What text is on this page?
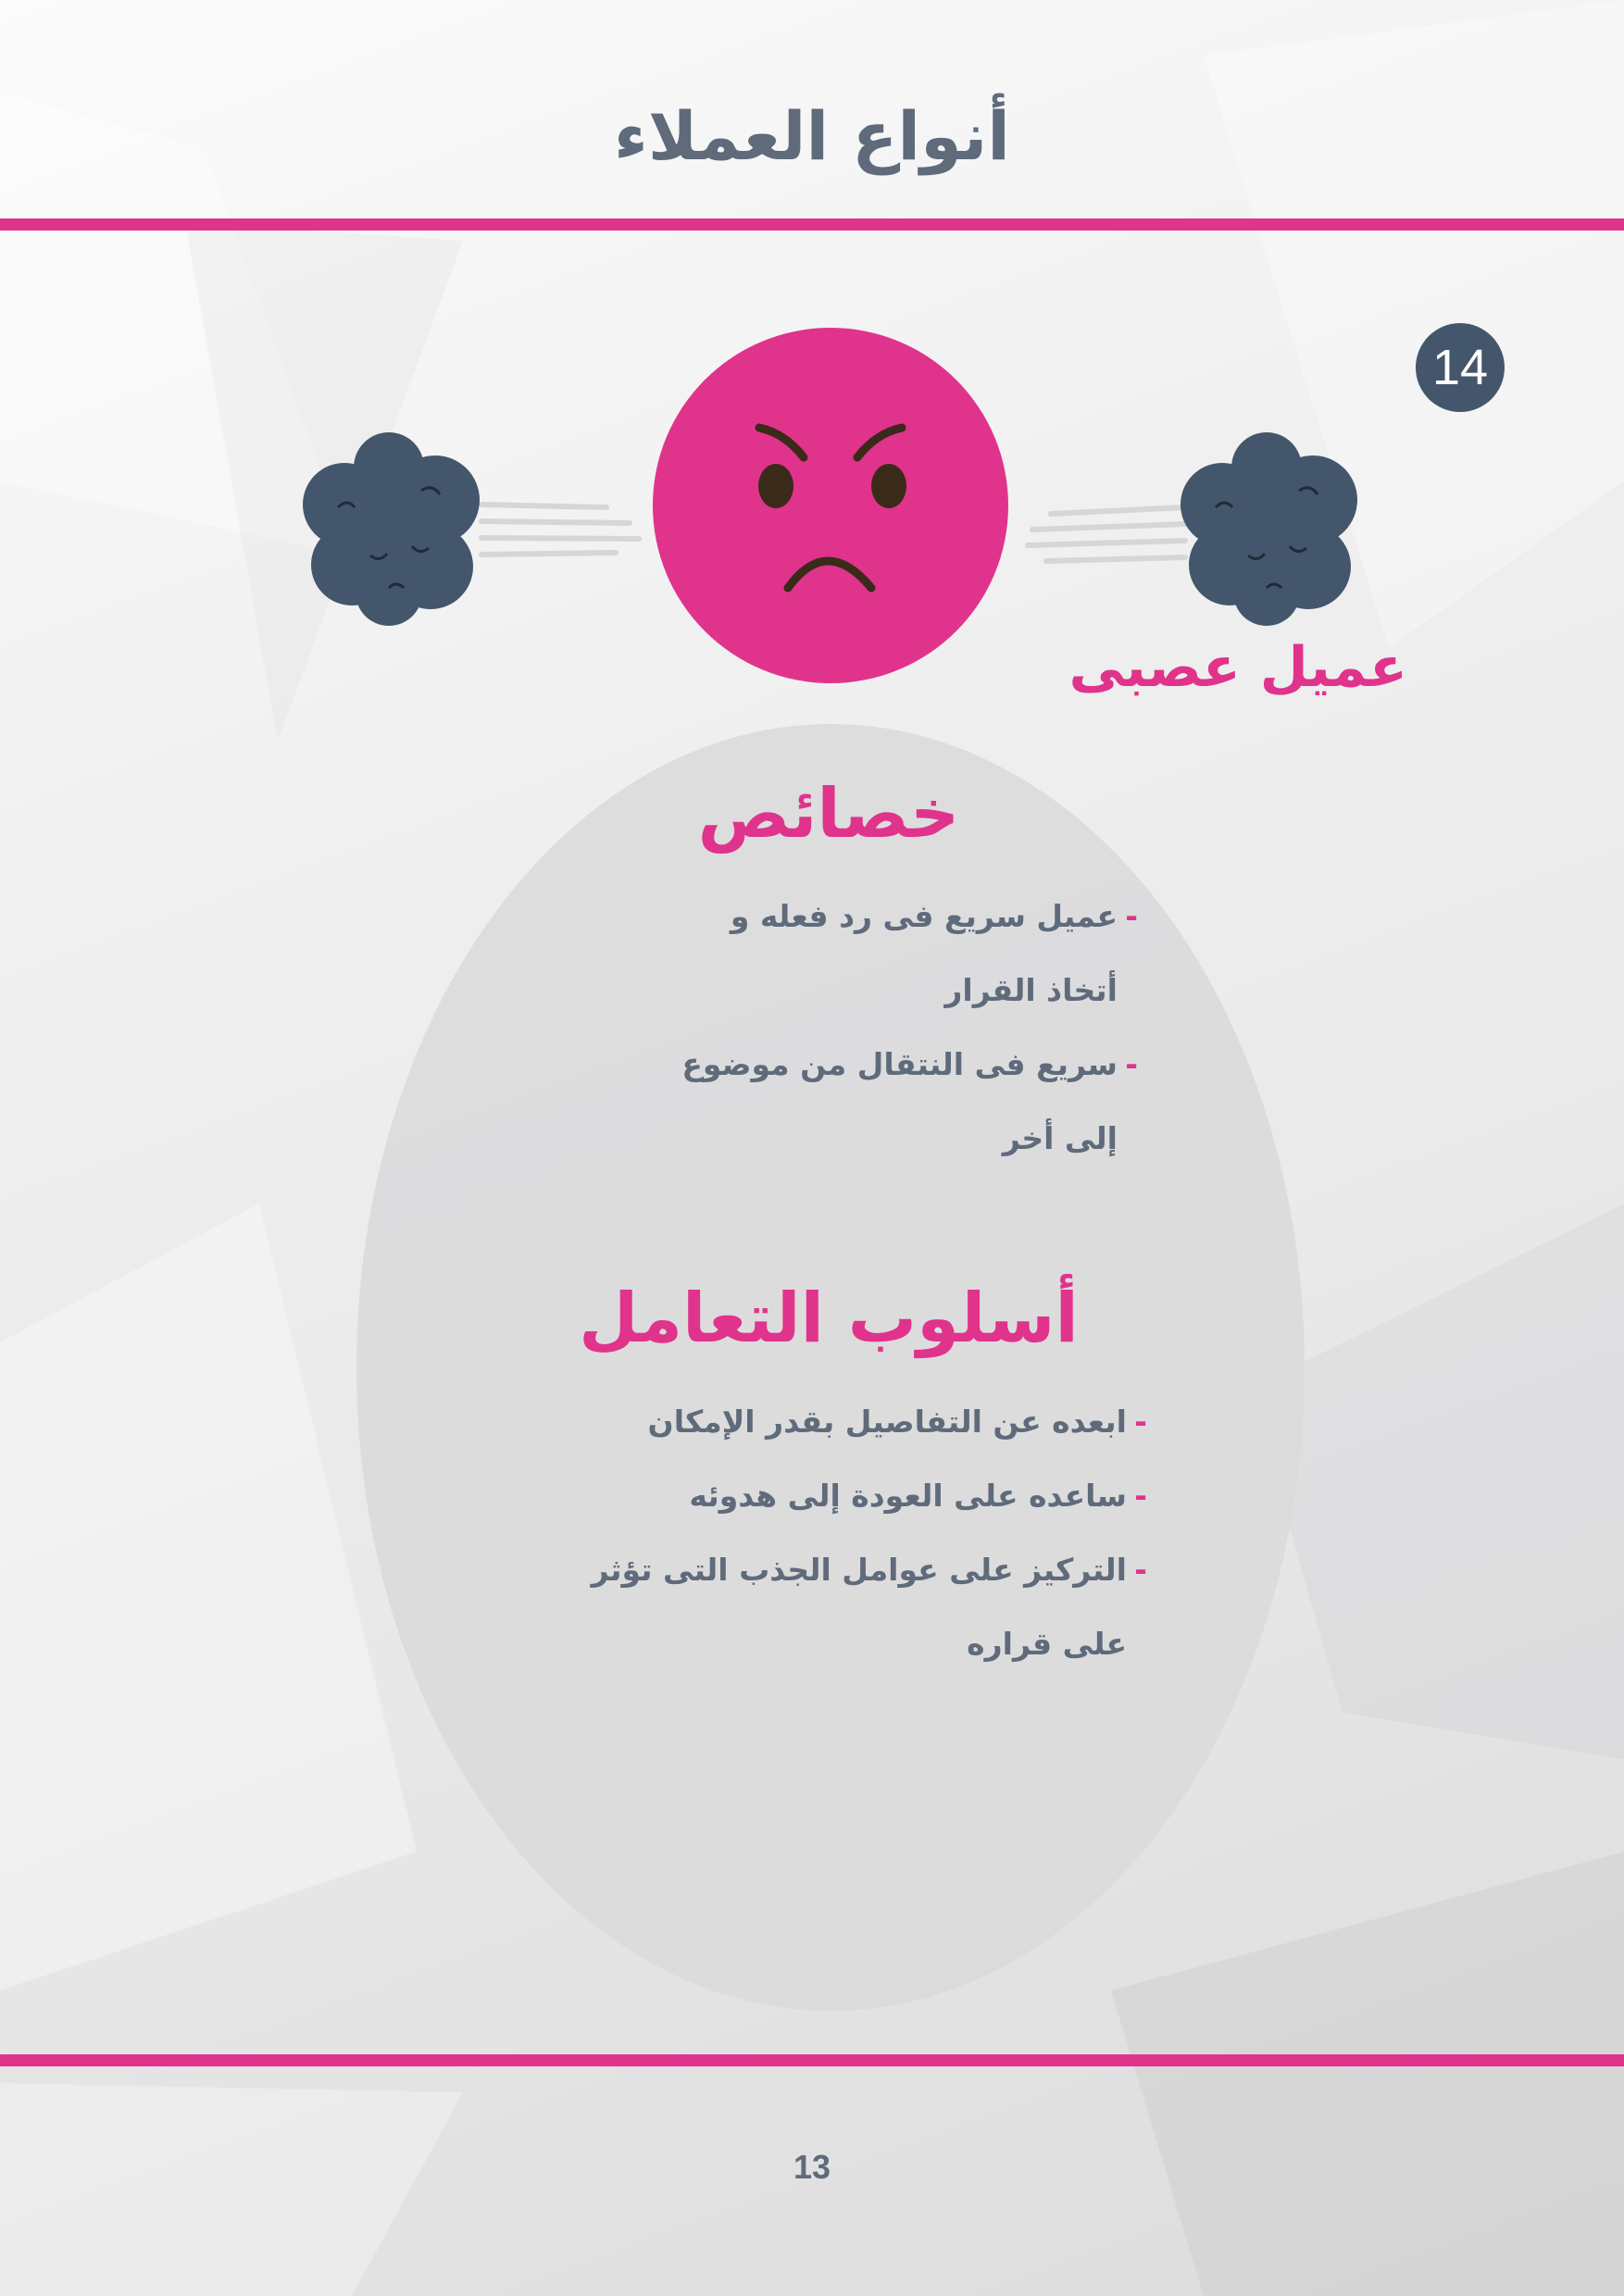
أنواع العملاء
14
عميل عصبى
خصائص
-
عميل سريع فى رد فعله و أتخاذ القرار
-
سريع فى النتقال من موضوع إلى أخر
أسلوب التعامل
-
ابعده عن التفاصيل بقدر الإمكان
-
ساعده على العودة إلى هدوئه
-
التركيز على عوامل الجذب التى تؤثر على قراره
13
